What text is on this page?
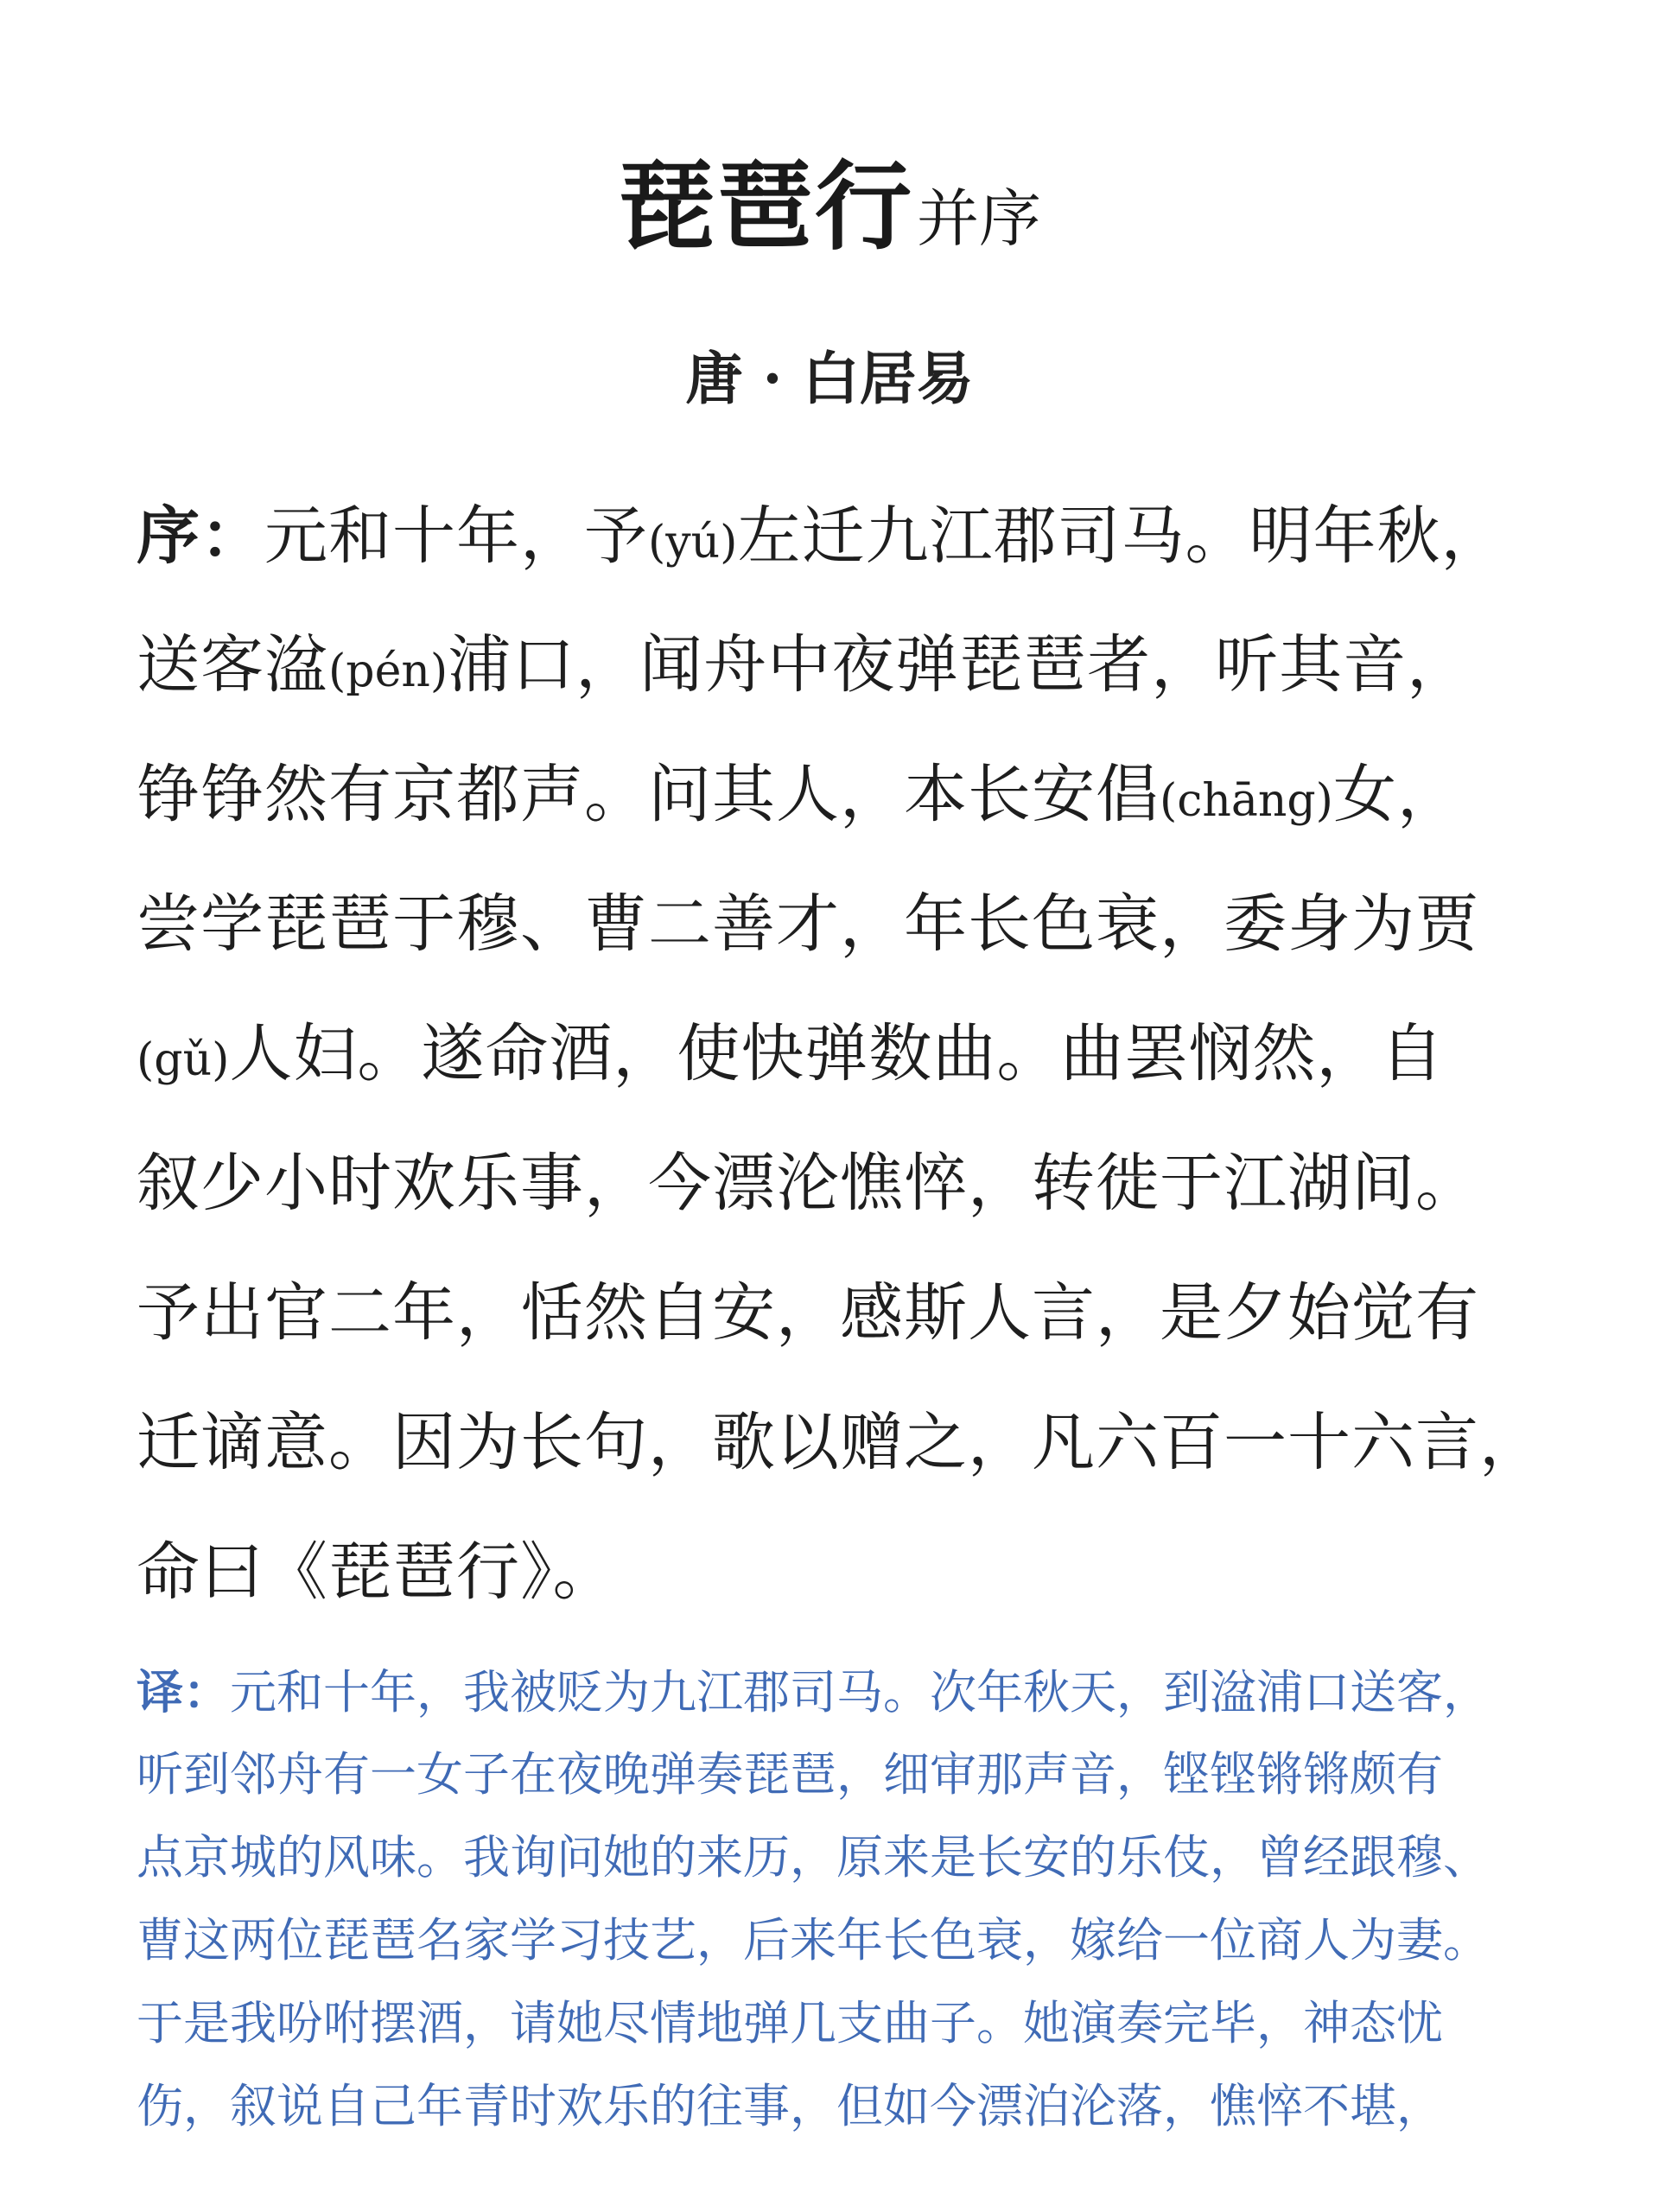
琵琶行并序
唐 · 白居易
序：元和十年，予(yú)左迁九江郡司马。明年秋，
送客湓(pén)浦口，闻舟中夜弹琵琶者，听其音，
铮铮然有京都声。问其人，本长安倡(chāng)女，
尝学琵琶于穆、曹二善才，年长色衰，委身为贾
(gǔ)人妇。遂命酒，使快弹数曲。曲罢悯然，自
叙少小时欢乐事，今漂沦憔悴，转徙于江湖间。
予出官二年，恬然自安，感斯人言，是夕始觉有
迁谪意。因为长句，歌以赠之，凡六百一十六言，
命曰《琵琶行》。
译：元和十年，我被贬为九江郡司马。次年秋天，到湓浦口送客，
听到邻舟有一女子在夜晚弹奏琵琶，细审那声音，铿铿锵锵颇有
点京城的风味。我询问她的来历，原来是长安的乐伎，曾经跟穆、
曹这两位琵琶名家学习技艺，后来年长色衰，嫁给一位商人为妻。
于是我吩咐摆酒，请她尽情地弹几支曲子。她演奏完毕，神态忧
伤，叙说自己年青时欢乐的往事，但如今漂泊沦落，憔悴不堪，
